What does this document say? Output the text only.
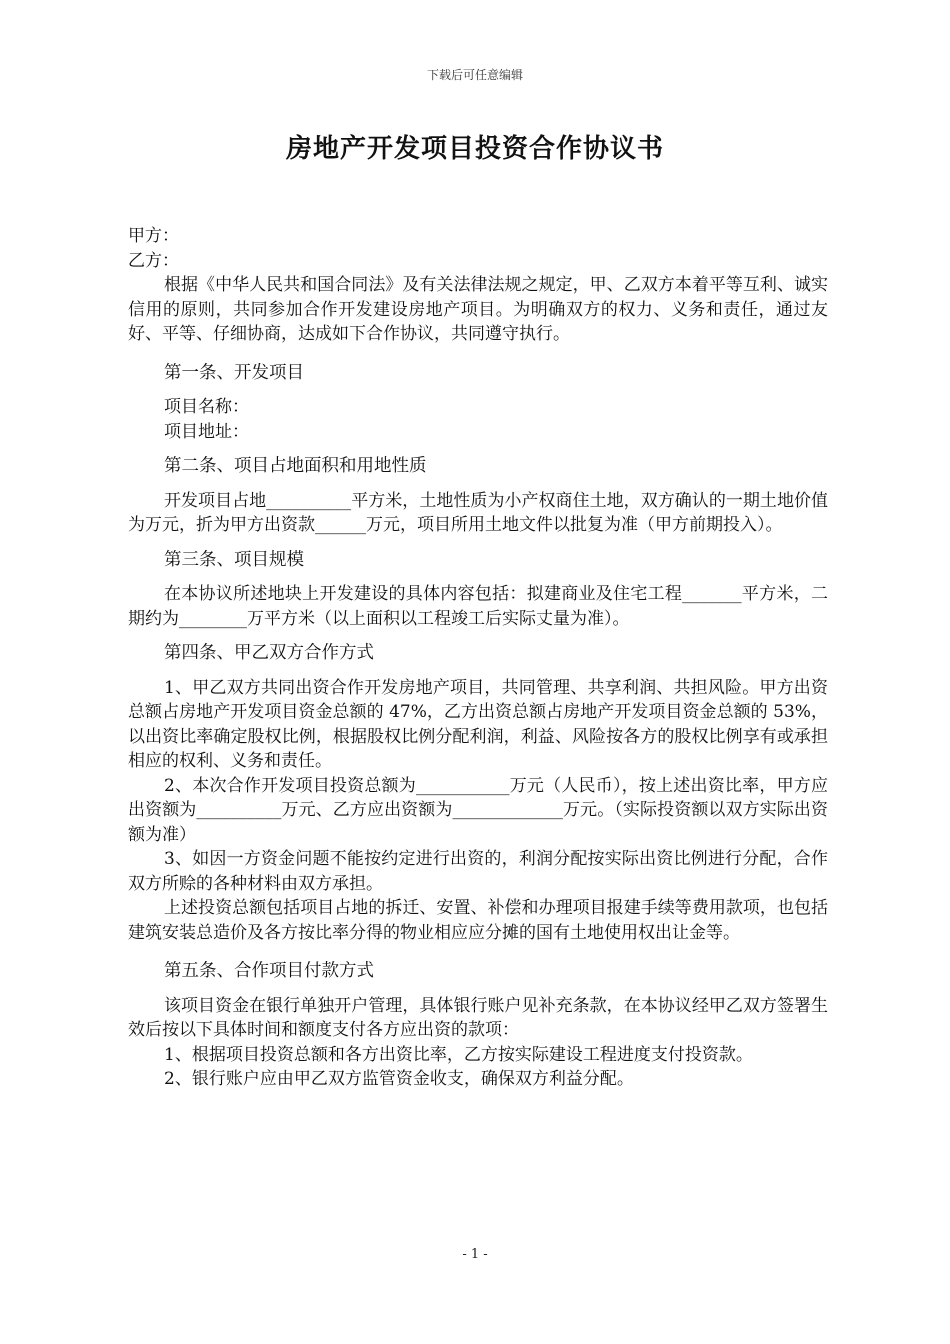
下载后可任意编辑
房地产开发项目投资合作协议书

甲方：

乙方：

根据《中华人民共和国合同法》及有关法律法规之规定，甲、乙双方本着平等互利、诚实信用的原则，共同参加合作开发建设房地产项目。为明确双方的权力、义务和责任，通过友好、平等、仔细协商，达成如下合作协议，共同遵守执行。

第一条、开发项目

项目名称：

项目地址：

第二条、项目占地面积和用地性质

开发项目占地__________平方米，土地性质为小产权商住土地，双方确认的一期土地价值为万元，折为甲方出资款______万元，项目所用土地文件以批复为准（甲方前期投入）。

第三条、项目规模

在本协议所述地块上开发建设的具体内容包括：拟建商业及住宅工程_______平方米，二期约为________万平方米（以上面积以工程竣工后实际丈量为准）。

第四条、甲乙双方合作方式

1、甲乙双方共同出资合作开发房地产项目，共同管理、共享利润、共担风险。甲方出资总额占房地产开发项目资金总额的 47%，乙方出资总额占房地产开发项目资金总额的 53%，以出资比率确定股权比例，根据股权比例分配利润，利益、风险按各方的股权比例享有或承担相应的权利、义务和责任。

2、本次合作开发项目投资总额为___________万元（人民币），按上述出资比率，甲方应出资额为__________万元、乙方应出资额为_____________万元。（实际投资额以双方实际出资额为准）

3、如因一方资金问题不能按约定进行出资的，利润分配按实际出资比例进行分配，合作双方所赊的各种材料由双方承担。

上述投资总额包括项目占地的拆迁、安置、补偿和办理项目报建手续等费用款项，也包括建筑安装总造价及各方按比率分得的物业相应应分摊的国有土地使用权出让金等。

第五条、合作项目付款方式

该项目资金在银行单独开户管理，具体银行账户见补充条款，在本协议经甲乙双方签署生效后按以下具体时间和额度支付各方应出资的款项：

1、根据项目投资总额和各方出资比率，乙方按实际建设工程进度支付投资款。

2、银行账户应由甲乙双方监管资金收支，确保双方利益分配。

- 1 -
